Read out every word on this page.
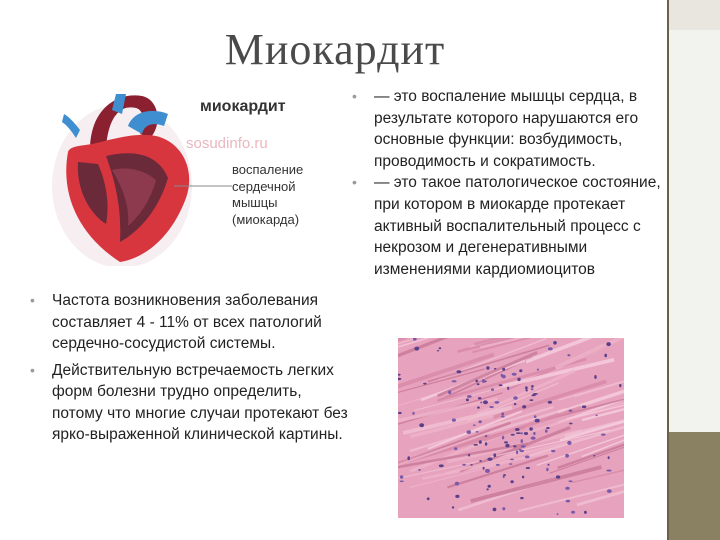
Миокардит
миокардит
sosudinfo.ru
воспаление
сердечной
мышцы
(миокарда)
• Частота возникновения заболевания составляет 4 - 11% от всех патологий сердечно-сосудистой системы.
• Действительную встречаемость легких форм болезни трудно определить, потому что многие случаи протекают без ярко-выраженной клинической картины.
• — это воспаление мышцы сердца, в результате которого нарушаются его основные функции: возбудимость, проводимость и сократимость.
• — это такое патологическое состояние, при котором в миокарде протекает активный воспалительный процесс с некрозом и дегенеративными изменениями кардиомиоцитов
